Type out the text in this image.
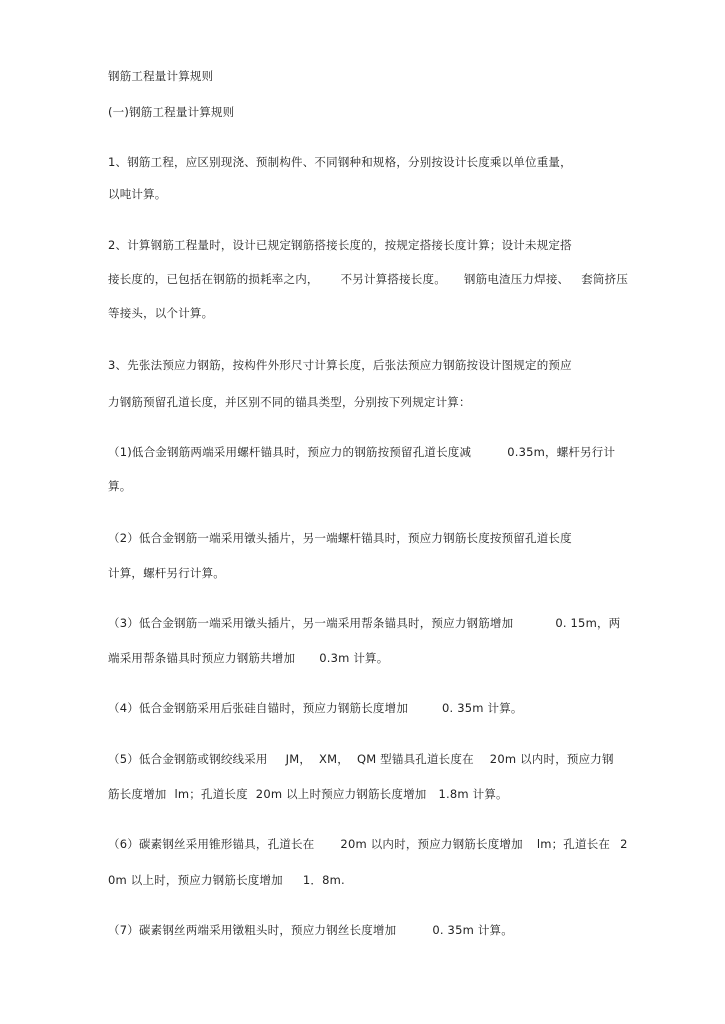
钢筋工程量计算规则
(一)钢筋工程量计算规则
1、钢筋工程，应区别现浇、预制构件、不同钢种和规格，分别按设计长度乘以单位重量，
以吨计算。
2、计算钢筋工程量时，设计已规定钢筋搭接长度的，按规定搭接长度计算；设计未规定搭
接长度的，已包括在钢筋的损耗率之内， 不另计算搭接长度。 钢筋电渣压力焊接、 套筒挤压
等接头，以个计算。
3、先张法预应力钢筋，按构件外形尺寸计算长度，后张法预应力钢筋按设计图规定的预应
力钢筋预留孔道长度，并区别不同的锚具类型，分别按下列规定计算：
（1)低合金钢筋两端采用螺杆锚具时，预应力的钢筋按预留孔道长度减	0.35m，螺杆另行计
算。
（2）低合金钢筋一端采用镦头插片，另一端螺杆锚具时，预应力钢筋长度按预留孔道长度
计算，螺杆另行计算。
（3）低合金钢筋一端采用镦头插片，另一端采用帮条锚具时，预应力钢筋增加	0. 15m，两
端采用帮条锚具时预应力钢筋共增加 0.3m 计算。
（4）低合金钢筋采用后张硅自锚时，预应力钢筋长度增加	0. 35m 计算。
（5）低合金钢筋或钢绞线采用 JM， XM， QM 型锚具孔道长度在 20m 以内时，预应力钢
筋长度增加 lm；孔道长度 20m 以上时预应力钢筋长度增加 1.8m 计算。
（6）碳素钢丝采用锥形锚具，孔道长在 20m 以内时，预应力钢筋长度增加 lm；孔道长在 2
0m 以上时，预应力钢筋长度增加 1．8m.
（7）碳素钢丝两端采用镦粗头时，预应力钢丝长度增加	0. 35m 计算。
